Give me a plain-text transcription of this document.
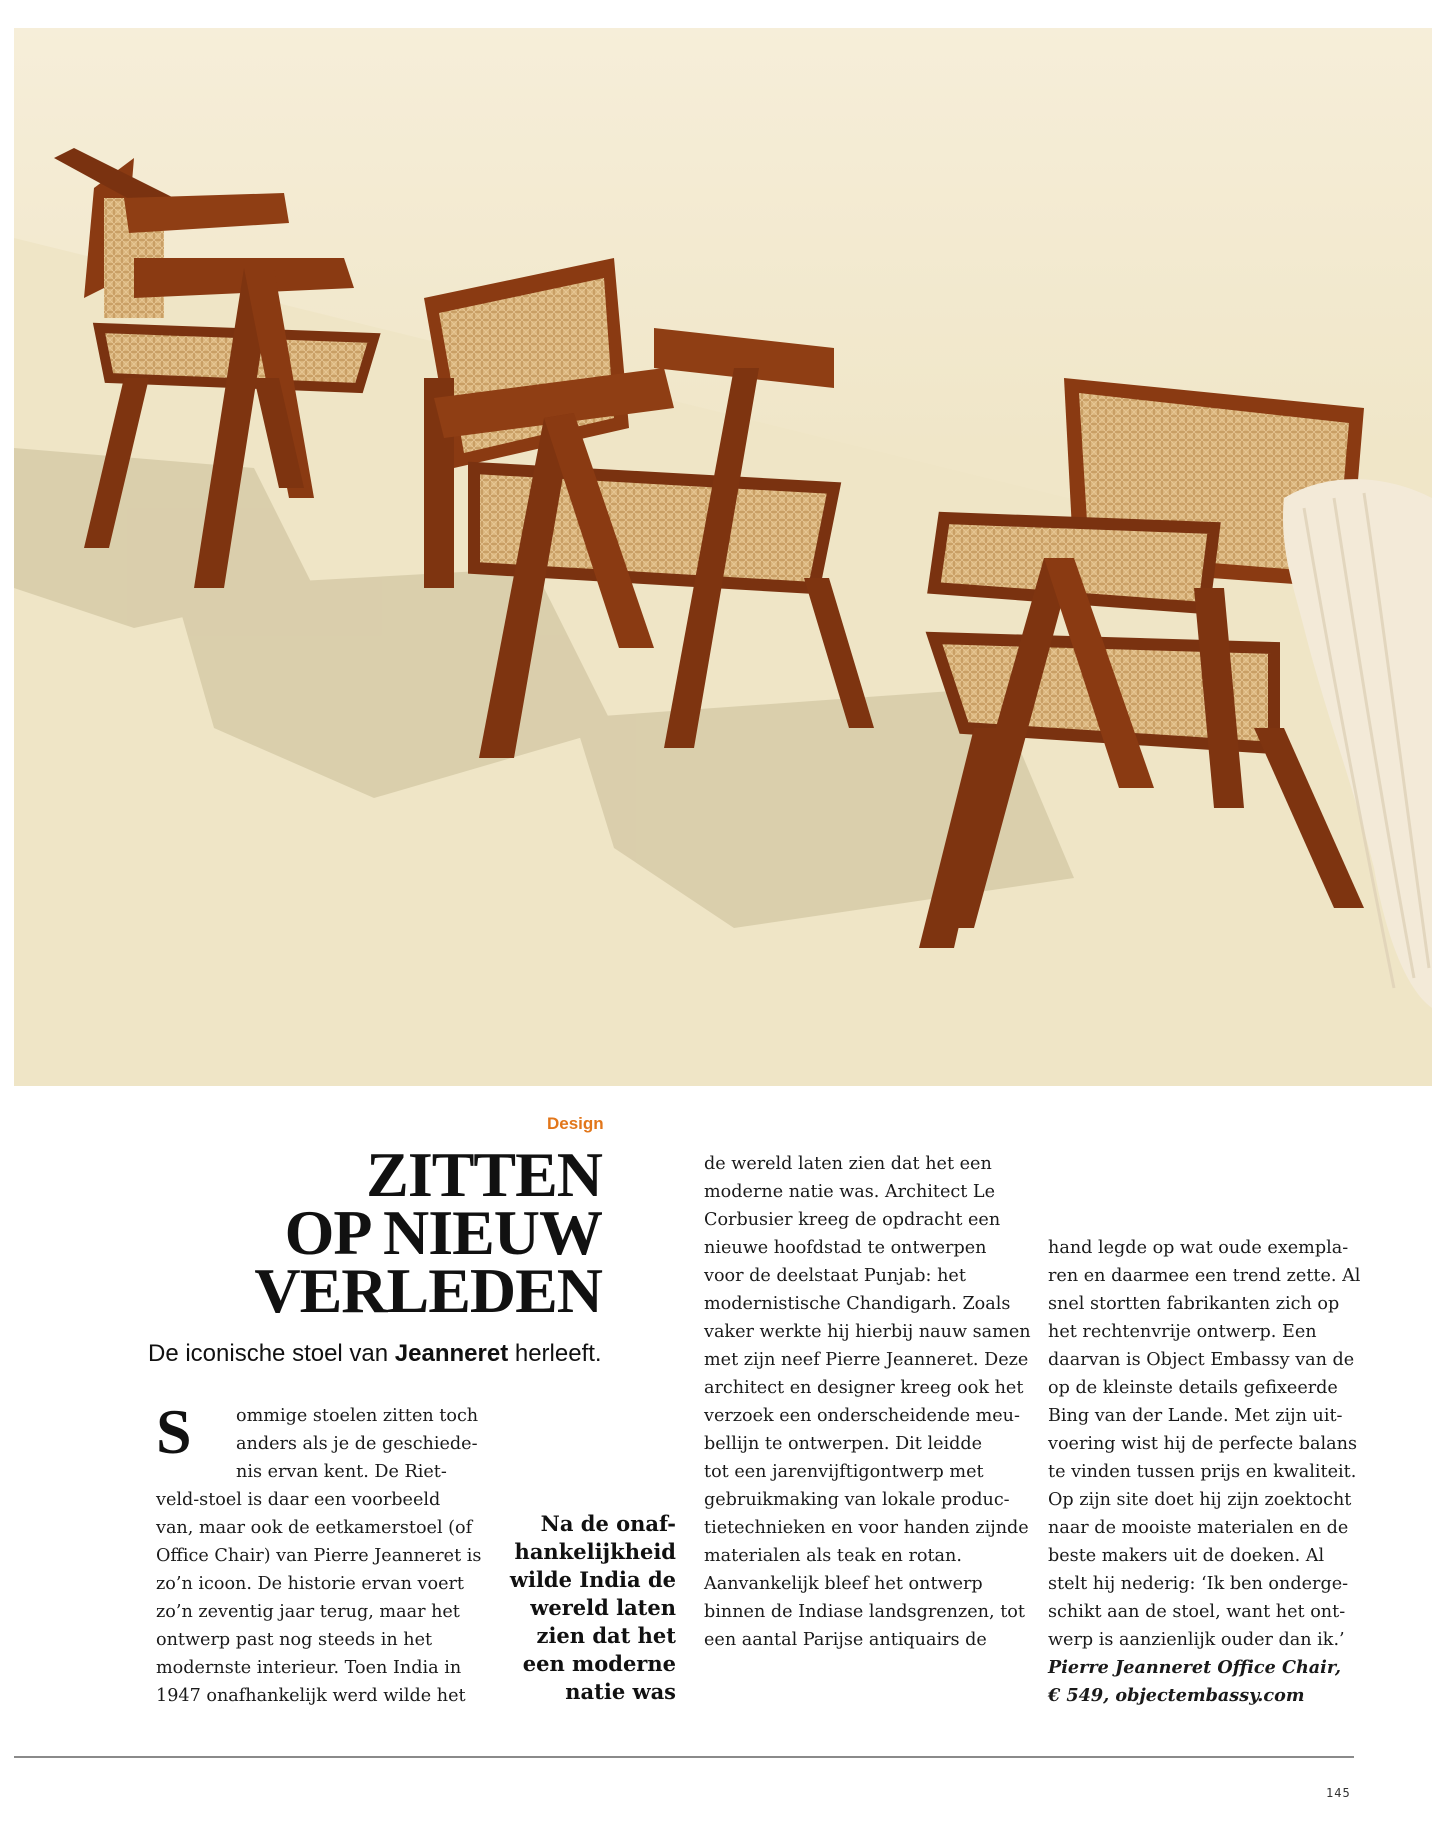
Design
ZITTEN
OP NIEUW
VERLEDEN
De iconische stoel van Jeanneret herleeft.
S	ommige stoelen zitten toch
anders als je de geschiede-
nis ervan kent. De Riet-
veld-stoel is daar een voorbeeld
van, maar ook de eetkamerstoel (of
Office Chair) van Pierre Jeanneret is
zo’n icoon. De historie ervan voert
zo’n zeventig jaar terug, maar het
ontwerp past nog steeds in het
modernste interieur. Toen India in
1947 onafhankelijk werd wilde het
Na de onaf-
hankelijkheid
wilde India de
wereld laten
zien dat het
een moderne
natie was
de wereld laten zien dat het een
moderne natie was. Architect Le
Corbusier kreeg de opdracht een
nieuwe hoofdstad te ontwerpen
voor de deelstaat Punjab: het
modernistische Chandigarh. Zoals
vaker werkte hij hierbij nauw samen
met zijn neef Pierre Jeanneret. Deze
architect en designer kreeg ook het
verzoek een onderscheidende meu-
bellijn te ontwerpen. Dit leidde
tot een jarenvijftigontwerp met
gebruikmaking van lokale produc-
tietechnieken en voor handen zijnde
materialen als teak en rotan.
Aanvankelijk bleef het ontwerp
binnen de Indiase landsgrenzen, tot
een aantal Parijse antiquairs de
hand legde op wat oude exempla-
ren en daarmee een trend zette. Al
snel stortten fabrikanten zich op
het rechtenvrije ontwerp. Een
daarvan is Object Embassy van de
op de kleinste details gefixeerde
Bing van der Lande. Met zijn uit-
voering wist hij de perfecte balans
te vinden tussen prijs en kwaliteit.
Op zijn site doet hij zijn zoektocht
naar de mooiste materialen en de
beste makers uit de doeken. Al
stelt hij nederig: ‘Ik ben onderge-
schikt aan de stoel, want het ont-
werp is aanzienlijk ouder dan ik.’
Pierre Jeanneret Office Chair,
€ 549, objectembassy.com
145
